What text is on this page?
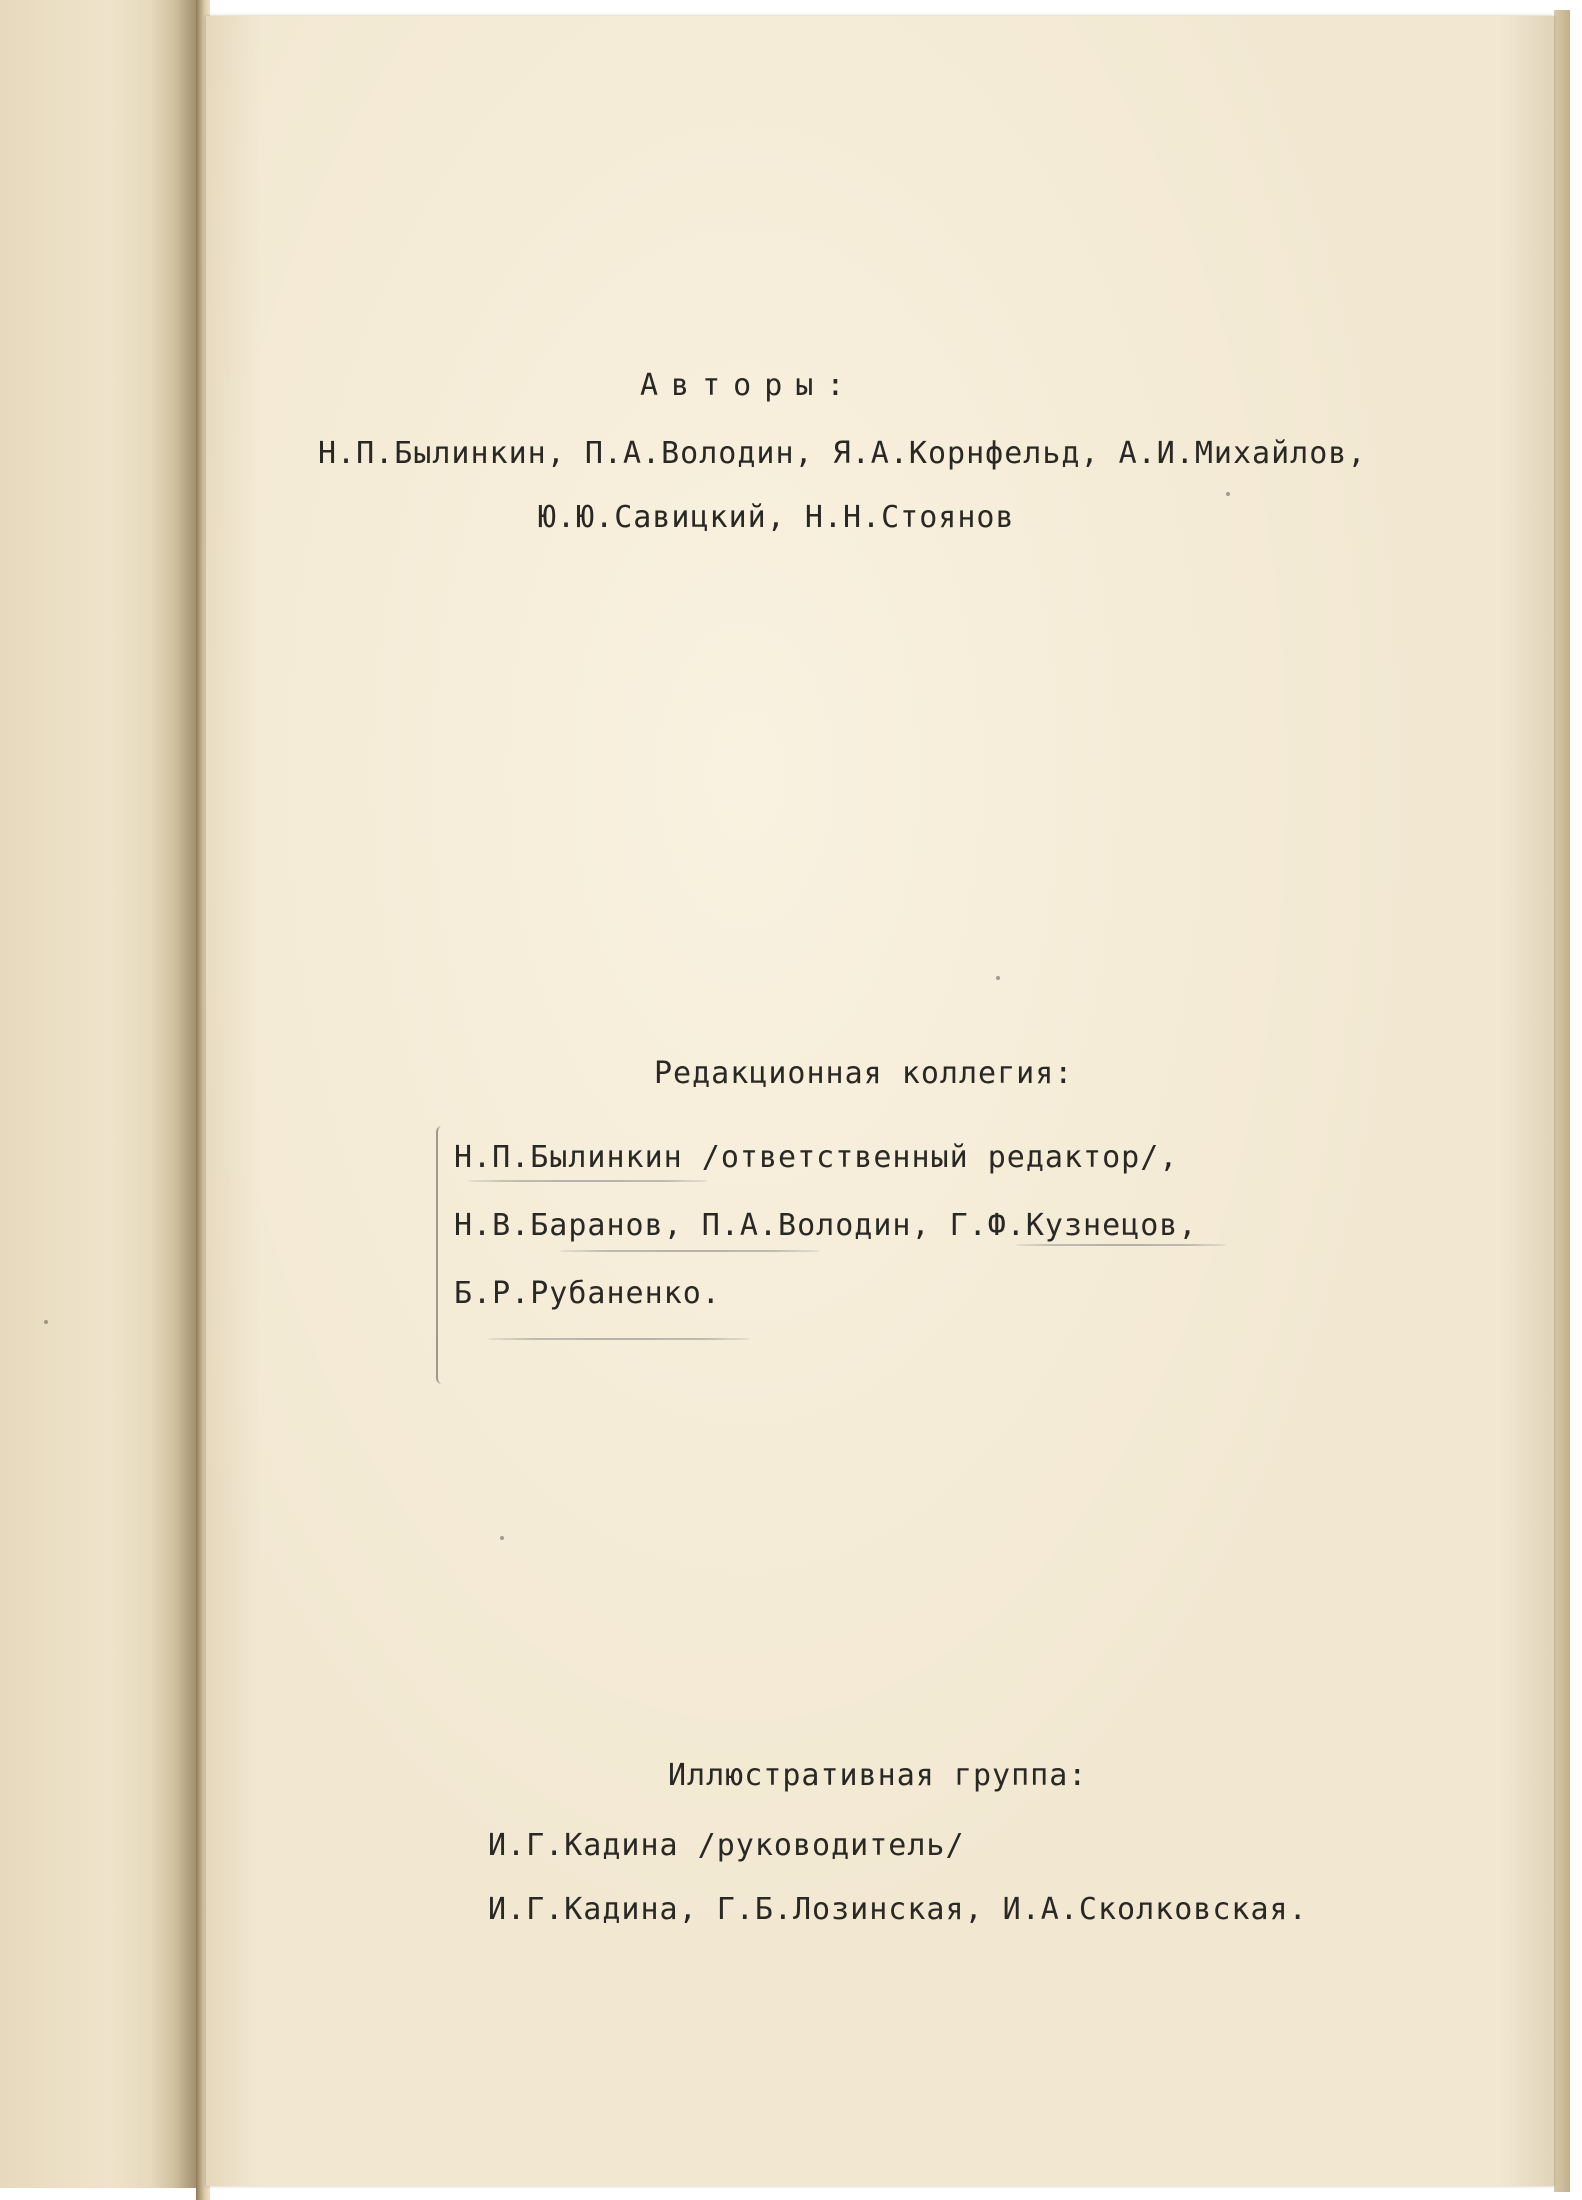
Авторы:
Н.П.Былинкин, П.А.Володин, Я.А.Корнфельд, А.И.Михайлов,
Ю.Ю.Савицкий, Н.Н.Стоянов
Редакционная коллегия:
Н.П.Былинкин /ответственный редактор/,
Н.В.Баранов, П.А.Володин, Г.Ф.Кузнецов,
Б.Р.Рубаненко.
Иллюстративная группа:
И.Г.Кадина /руководитель/
И.Г.Кадина, Г.Б.Лозинская, И.А.Сколковская.
